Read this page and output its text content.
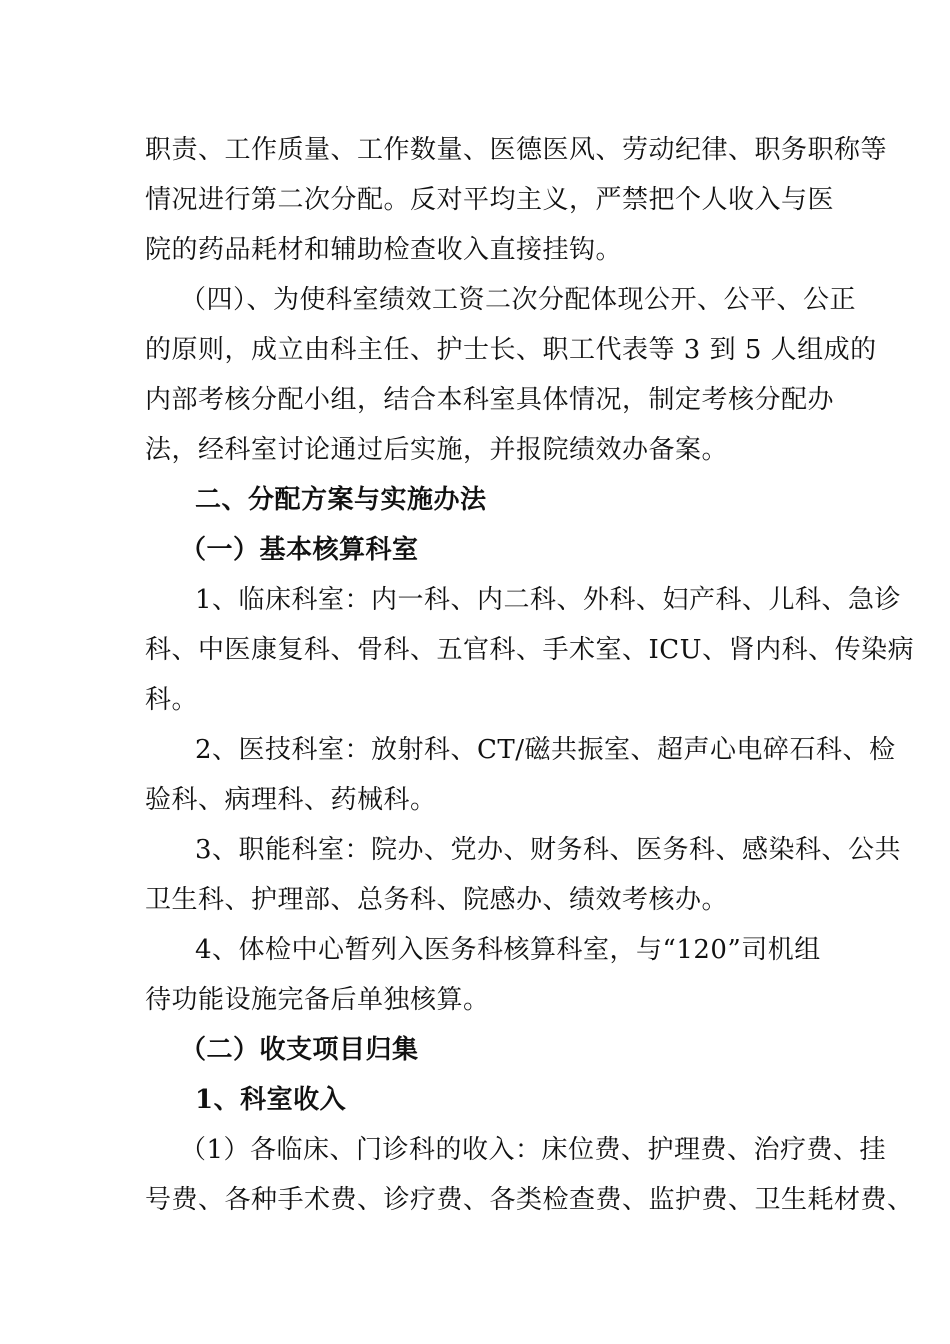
职责、工作质量、工作数量、医德医风、劳动纪律、职务职称等
情况进行第二次分配。反对平均主义，严禁把个人收入与医
院的药品耗材和辅助检查收入直接挂钩。
（四）、为使科室绩效工资二次分配体现公开、公平、公正
的原则，成立由科主任、护士长、职工代表等 3 到 5 人组成的
内部考核分配小组，结合本科室具体情况，制定考核分配办
法，经科室讨论通过后实施，并报院绩效办备案。
二、分配方案与实施办法
（一）基本核算科室
1、临床科室：内一科、内二科、外科、妇产科、儿科、急诊
科、中医康复科、骨科、五官科、手术室、ICU、肾内科、传染病
科。
2、医技科室：放射科、CT/磁共振室、超声心电碎石科、检
验科、病理科、药械科。
3、职能科室：院办、党办、财务科、医务科、感染科、公共
卫生科、护理部、总务科、院感办、绩效考核办。
4、体检中心暂列入医务科核算科室，与“120”司机组
待功能设施完备后单独核算。
（二）收支项目归集
1、科室收入
（1）各临床、门诊科的收入：床位费、护理费、治疗费、挂
号费、各种手术费、诊疗费、各类检查费、监护费、卫生耗材费、
